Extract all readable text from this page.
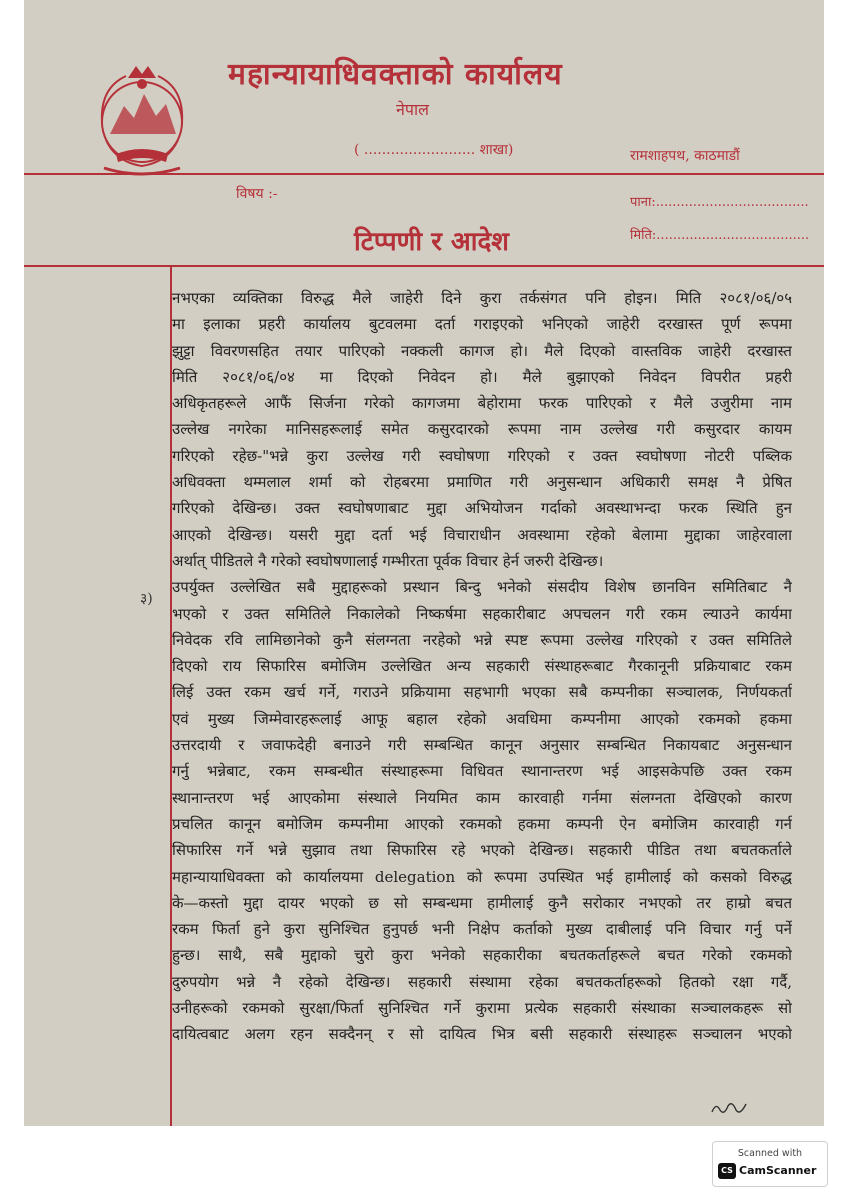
महान्यायाधिवक्ताको कार्यालय
नेपाल
( ......................... शाखा)	रामशाहपथ, काठमाडौं
विषय :-
पाना:.....................................
टिप्पणी र आदेश	मिति:.....................................
३)
नभएका व्यक्तिका विरुद्ध मैले जाहेरी दिने कुरा तर्कसंगत पनि होइन। मिति २०८१/०६/०५
मा इलाका प्रहरी कार्यालय बुटवलमा दर्ता गराइएको भनिएको जाहेरी दरखास्त पूर्ण रूपमा
झुट्टा विवरणसहित तयार पारिएको नक्कली कागज हो। मैले दिएको वास्तविक जाहेरी दरखास्त
मिति २०८१/०६/०४ मा दिएको निवेदन हो। मैले बुझाएको निवेदन विपरीत प्रहरी
अधिकृतहरूले आफैं सिर्जना गरेको कागजमा बेहोरामा फरक पारिएको र मैले उजुरीमा नाम
उल्लेख नगरेका मानिसहरूलाई समेत कसुरदारको रूपमा नाम उल्लेख गरी कसुरदार कायम
गरिएको रहेछ-"भन्ने कुरा उल्लेख गरी स्वघोषणा गरिएको र उक्त स्वघोषणा नोटरी पब्लिक
अधिवक्ता थम्मलाल शर्मा को रोहबरमा प्रमाणित गरी अनुसन्धान अधिकारी समक्ष नै प्रेषित
गरिएको देखिन्छ। उक्त स्वघोषणाबाट मुद्दा अभियोजन गर्दाको अवस्थाभन्दा फरक स्थिति हुन
आएको देखिन्छ। यसरी मुद्दा दर्ता भई विचाराधीन अवस्थामा रहेको बेलामा मुद्दाका जाहेरवाला
अर्थात् पीडितले नै गरेको स्वघोषणालाई गम्भीरता पूर्वक विचार हेर्न जरुरी देखिन्छ।
उपर्युक्त उल्लेखित सबै मुद्दाहरूको प्रस्थान बिन्दु भनेको संसदीय विशेष छानविन समितिबाट नै
भएको र उक्त समितिले निकालेको निष्कर्षमा सहकारीबाट अपचलन गरी रकम ल्याउने कार्यमा
निवेदक रवि लामिछानेको कुनै संलग्नता नरहेको भन्ने स्पष्ट रूपमा उल्लेख गरिएको र उक्त समितिले
दिएको राय सिफारिस बमोजिम उल्लेखित अन्य सहकारी संस्थाहरूबाट गैरकानूनी प्रक्रियाबाट रकम
लिई उक्त रकम खर्च गर्ने, गराउने प्रक्रियामा सहभागी भएका सबै कम्पनीका सञ्चालक, निर्णयकर्ता
एवं मुख्य जिम्मेवारहरूलाई आफू बहाल रहेको अवधिमा कम्पनीमा आएको रकमको हकमा
उत्तरदायी र जवाफदेही बनाउने गरी सम्बन्धित कानून अनुसार सम्बन्धित निकायबाट अनुसन्धान
गर्नु भन्नेबाट, रकम सम्बन्धीत संस्थाहरूमा विधिवत स्थानान्तरण भई आइसकेपछि उक्त रकम
स्थानान्तरण भई आएकोमा संस्थाले नियमित काम कारवाही गर्नमा संलग्नता देखिएको कारण
प्रचलित कानून बमोजिम कम्पनीमा आएको रकमको हकमा कम्पनी ऐन बमोजिम कारवाही गर्न
सिफारिस गर्ने भन्ने सुझाव तथा सिफारिस रहे भएको देखिन्छ। सहकारी पीडित तथा बचतकर्ताले
महान्यायाधिवक्ता को कार्यालयमा delegation को रूपमा उपस्थित भई हामीलाई को कसको विरुद्ध
के—कस्तो मुद्दा दायर भएको छ सो सम्बन्धमा हामीलाई कुनै सरोकार नभएको तर हाम्रो बचत
रकम फिर्ता हुने कुरा सुनिश्चित हुनुपर्छ भनी निक्षेप कर्ताको मुख्य दाबीलाई पनि विचार गर्नु पर्ने
हुन्छ। साथै, सबै मुद्दाको चुरो कुरा भनेको सहकारीका बचतकर्ताहरूले बचत गरेको रकमको
दुरुपयोग भन्ने नै रहेको देखिन्छ। सहकारी संस्थामा रहेका बचतकर्ताहरूको हितको रक्षा गर्दै,
उनीहरूको रकमको सुरक्षा/फिर्ता सुनिश्चित गर्ने कुरामा प्रत्येक सहकारी संस्थाका सञ्चालकहरू सो
दायित्वबाट अलग रहन सक्दैनन् र सो दायित्व भित्र बसी सहकारी संस्थाहरू सञ्चालन भएको
Scanned with
CS CamScanner
